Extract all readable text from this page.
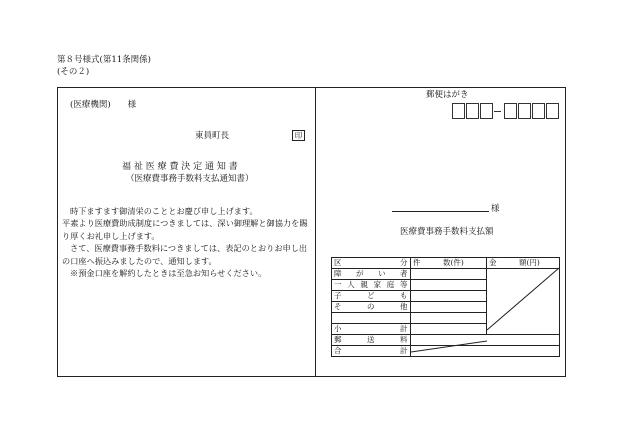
第８号様式(第11条関係)
(その２)
(医療機関)　　様
東員町長	印
福 祉 医 療 費 決 定 通 知 書
（医療費事務手数料支払通知書）
時下ますます御清栄のこととお慶び申し上げます。
平素より医療費助成制度につきましては、深い御理解と御協力を賜り厚くお礼申し上げます。
さて、医療費事務手数料につきましては、表記のとおりお申し出の口座へ振込みましたので、通知します。
※預金口座を解約したときは至急お知らせください。
郵便はがき
様
医療費事務手数料支払額
区 分	件　　　数(件)	金　　　額(円)
障がい者		
一人親家庭等		
子ども		
その他		

小計		
郵送料		
合計		
